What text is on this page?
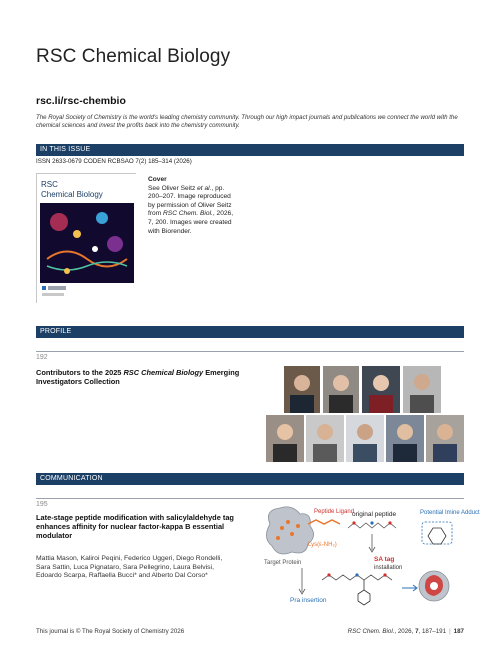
RSC Chemical Biology
rsc.li/rsc-chembio
The Royal Society of Chemistry is the world's leading chemistry community. Through our high impact journals and publications we connect the world with the chemical sciences and invest the profits back into the chemistry community.
IN THIS ISSUE
ISSN 2633-0679 CODEN RCBSAO 7(2) 185–314 (2026)
RSC
Chemical Biology
Cover
See Oliver Seitz et al., pp. 200–207. Image reproduced by permission of Oliver Seitz from RSC Chem. Biol., 2026, 7, 200. Images were created with Biorender.
PROFILE
192
Contributors to the 2025 RSC Chemical Biology Emerging Investigators Collection
COMMUNICATION
195
Late-stage peptide modification with salicylaldehyde tag enhances affinity for nuclear factor-kappa B essential modulator
Mattia Mason, Kaliroi Peqini, Federico Uggeri, Diego Rondelli, Sara Sattin, Luca Pignataro, Sara Pellegrino, Laura Belvisi, Edoardo Scarpa, Raffaella Bucci* and Alberto Dal Corso*
Peptide Ligand
original peptide	Potential Imine Adduct
Lys(ε-NH₂)
Target Protein	SA tag
installation
Pra insertion
This journal is © The Royal Society of Chemistry 2026	RSC Chem. Biol., 2026, 7, 187–191 | 187
